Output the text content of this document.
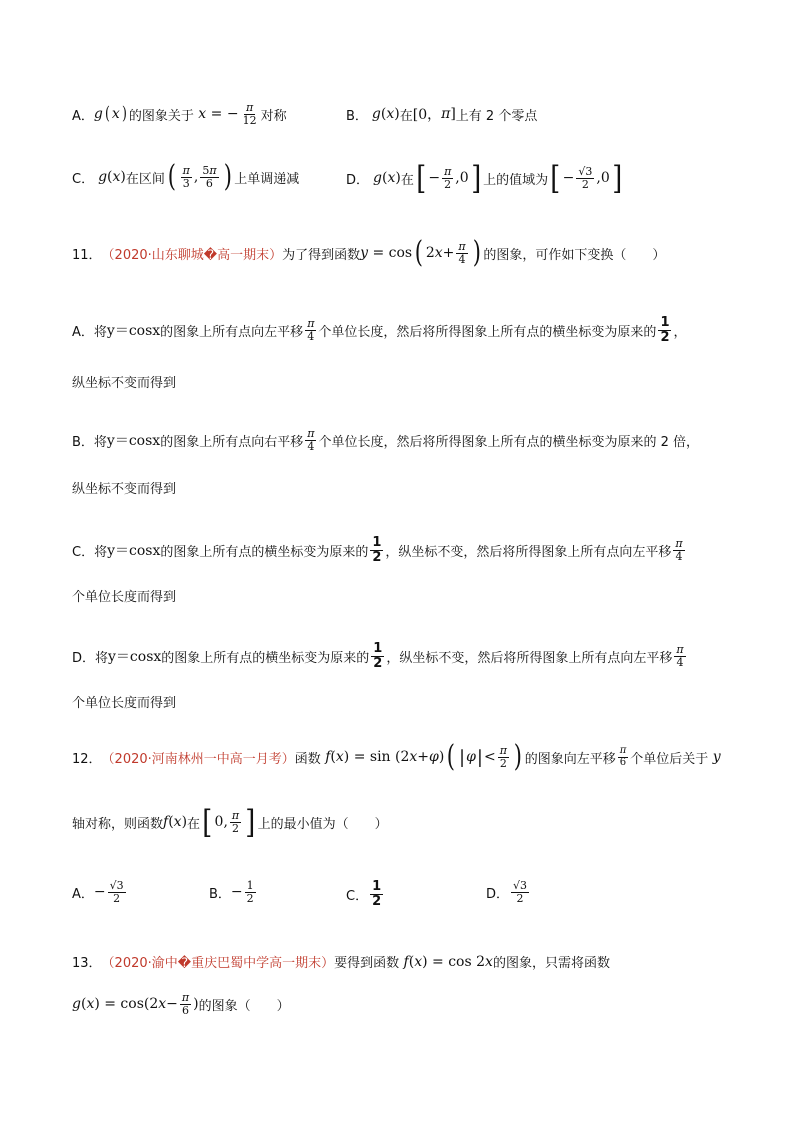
A． g ( x ) 的图象关于 x = − $\frac{\pi}{12}$ 对称	B． g ( x ) 在 [0， π ] 上有 2 个零点
C． g ( x ) 在区间 ( $\frac{\pi}{3}$ , $\frac{5\pi}{6}$ ) 上单调递减	D． g ( x ) 在 [ − $\frac{\pi}{2} ,0$ ] 上的值域为 [ − $\frac{√3}{2} ,0$ ]
11． （2020·山东聊城�高一期末） 为了得到函数 y = cos ( 2 $x + \frac{\pi}{4}$ ) 的图象，可作如下变换（　　）
A．将 y＝cosx 的图象上所有点向左平移 $\frac{\pi}{4}$ 个单位长度，然后将所得图象上所有点的横坐标变为原来的 $\frac{1}{2}$ ，
纵坐标不变而得到
B．将 y＝cosx 的图象上所有点向右平移 $\frac{\pi}{4}$ 个单位长度，然后将所得图象上所有点的横坐标变为原来的 2 倍，
纵坐标不变而得到
C．将 y＝cosx 的图象上所有点的横坐标变为原来的 $\frac{1}{2}$ ，纵坐标不变，然后将所得图象上所有点向左平移 $\frac{\pi}{4}$
个单位长度而得到
D．将 y＝cosx 的图象上所有点的横坐标变为原来的 $\frac{1}{2}$ ，纵坐标不变，然后将所得图象上所有点向左平移 $\frac{\pi}{4}$
个单位长度而得到
12． （2020·河南林州一中高一月考） 函数 f ( x ) = sin (2 x + φ ) ( | φ | < $\frac{\pi}{2}$ ) 的图象向左平移 $\frac{\pi}{6}$ 个单位后关于 y
轴对称，则函数 f ( x ) 在 [ 0, $\frac{\pi}{2}$ ] 上的最小值为（　　）
A． − $\frac{√3}{2}$	B． − $\frac{1}{2}$	C． $\frac{1}{2}$	D． $\frac{√3}{2}$
13． （2020·渝中�重庆巴蜀中学高一期末） 要得到函数 f ( x ) = cos 2 x 的图象，只需将函数
g ( x ) = cos(2 $x - \frac{\pi}{6}$ ) 的图象（　　）
